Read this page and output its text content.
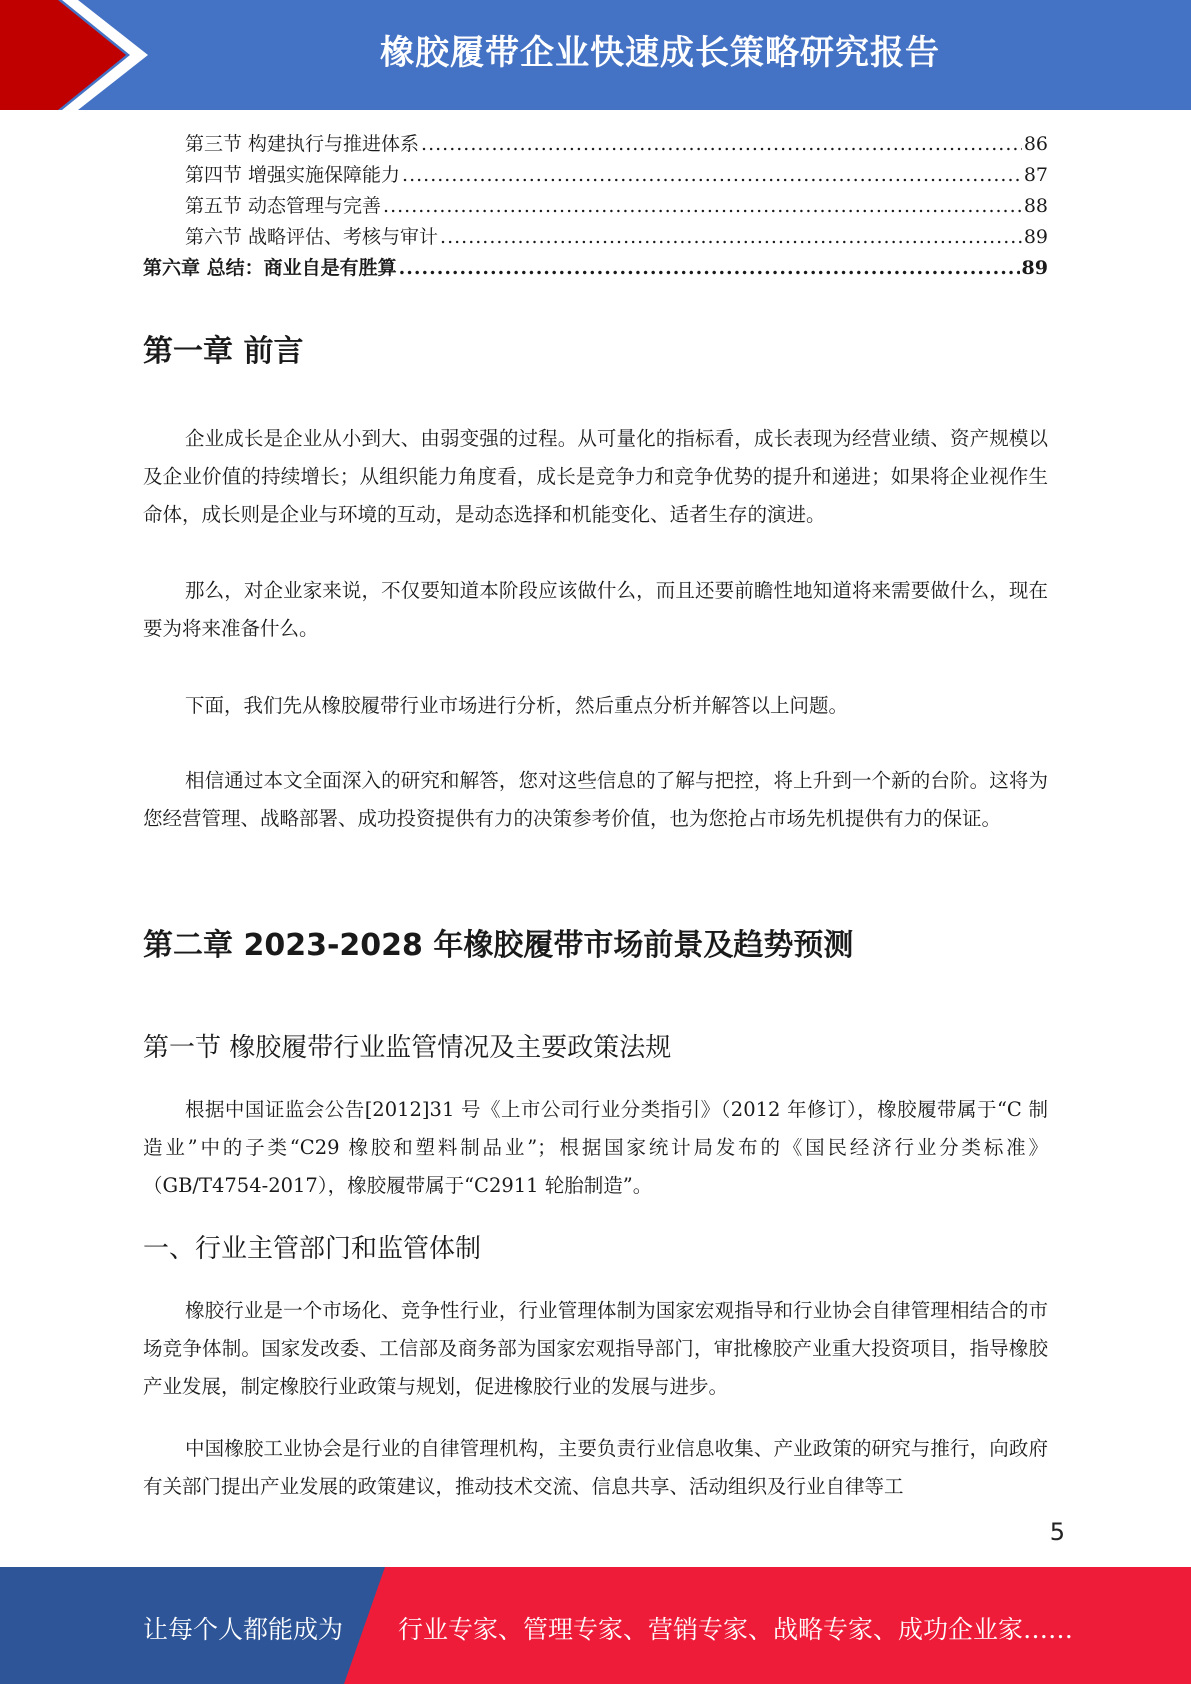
橡胶履带企业快速成长策略研究报告
第三节 构建执行与推进体系 .....	86
第四节 增强实施保障能力 .....	87
第五节 动态管理与完善 .....	88
第六节 战略评估、考核与审计 .....	89
第六章 总结：商业自是有胜算 .....	89
第一章 前言

企业成长是企业从小到大、由弱变强的过程。从可量化的指标看，成长表现为经营业绩、资产规模以及企业价值的持续增长；从组织能力角度看，成长是竞争力和竞争优势的提升和递进；如果将企业视作生命体，成长则是企业与环境的互动，是动态选择和机能变化、适者生存的演进。

那么，对企业家来说，不仅要知道本阶段应该做什么，而且还要前瞻性地知道将来需要做什么，现在要为将来准备什么。

下面，我们先从橡胶履带行业市场进行分析，然后重点分析并解答以上问题。

相信通过本文全面深入的研究和解答，您对这些信息的了解与把控，将上升到一个新的台阶。这将为您经营管理、战略部署、成功投资提供有力的决策参考价值，也为您抢占市场先机提供有力的保证。

第二章 2023-2028 年橡胶履带市场前景及趋势预测
第一节 橡胶履带行业监管情况及主要政策法规

根据中国证监会公告[2012]31 号《上市公司行业分类指引》（2012 年修订），橡胶履带属于“C 制造业”中的子类“C29 橡胶和塑料制品业”；根据国家统计局发布的《国民经济行业分类标准》（GB/T4754-2017），橡胶履带属于“C2911 轮胎制造”。

一、行业主管部门和监管体制

橡胶行业是一个市场化、竞争性行业，行业管理体制为国家宏观指导和行业协会自律管理相结合的市场竞争体制。国家发改委、工信部及商务部为国家宏观指导部门，审批橡胶产业重大投资项目，指导橡胶产业发展，制定橡胶行业政策与规划，促进橡胶行业的发展与进步。

中国橡胶工业协会是行业的自律管理机构，主要负责行业信息收集、产业政策的研究与推行，向政府有关部门提出产业发展的政策建议，推动技术交流、信息共享、活动组织及行业自律等工

5
让每个人都能成为 行业专家、管理专家、营销专家、战略专家、成功企业家……
